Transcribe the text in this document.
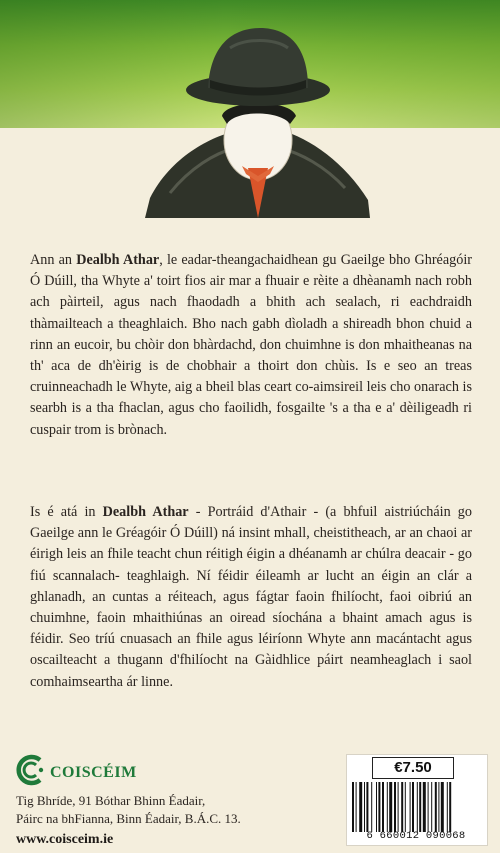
Ann an Dealbh Athar, le eadar-theangachaidhean gu Gaeilge bho Ghréagóir Ó Dúill, tha Whyte a' toirt fios air mar a fhuair e rèite a dhèanamh nach robh ach pàirteil, agus nach fhaodadh a bhith ach sealach, ri eachdraidh thàmailteach a theaghlaich. Bho nach gabh dìoladh a shireadh bhon chuid a rinn an eucoir, bu chòir don bhàrdachd, don chuimhne is don mhaitheanas na th' aca de dh'èirig is de chobhair a thoirt don chùis. Is e seo an treas cruinneachadh le Whyte, aig a bheil blas ceart co-aimsireil leis cho onarach is searbh is a tha fhaclan, agus cho faoilidh, fosgailte 's a tha e a' dèiligeadh ri cuspair trom is brònach.

Is é atá in Dealbh Athar - Portráid d'Athair - (a bhfuil aistriúcháin go Gaeilge ann le Gréagóir Ó Dúill) ná insint mhall, cheistitheach, ar an chaoi ar éirigh leis an fhile teacht chun réitigh éigin a dhéanamh ar chúlra deacair - go fiú scannalach- teaghlaigh. Ní féidir éileamh ar lucht an éigin an clár a ghlanadh, an cuntas a réiteach, agus fágtar faoin fhilíocht, faoi oibriú an chuimhne, faoin mhaithiúnas an oiread síochána a bhaint amach agus is féidir. Seo tríú cnuasach an fhile agus léiríonn Whyte ann macántacht agus oscailteacht a thugann d'fhilíocht na Gàidhlice páirt neamheaglach i saol comhaimseartha ár linne.

COISCÉIM
Tig Bhríde, 91 Bóthar Bhinn Éadair,
Páirc na bhFianna, Binn Éadair, B.Á.C. 13.
www.coisceim.ie
€7.50
6 660012 090068
